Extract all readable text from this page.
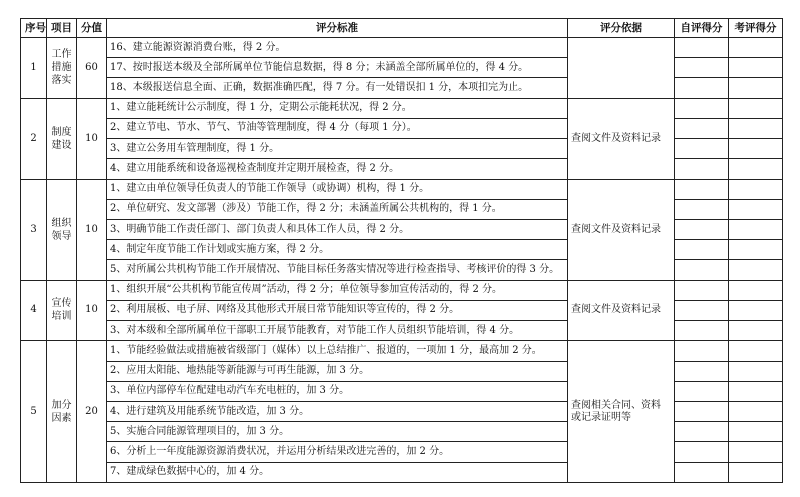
序号	项目	分值	评分标准	评分依据	自评得分	考评得分
1	工作措施落实	60	16、建立能源资源消费台账，得 2 分。			
			17、按时报送本级及全部所属单位节能信息数据，得 8 分；未涵盖全部所属单位的，得 4 分。			
			18、本级报送信息全面、正确，数据准确匹配，得 7 分。有一处错误扣 1 分，本项扣完为止。			
2	制度建设	10	1、建立能耗统计公示制度，得 1 分，定期公示能耗状况，得 2 分。	查阅文件及资料记录		
			2、建立节电、节水、节气、节油等管理制度，得 4 分（每项 1 分）。			
			3、建立公务用车管理制度，得 1 分。			
			4、建立用能系统和设备巡视检查制度并定期开展检查，得 2 分。			
3	组织领导	10	1、建立由单位领导任负责人的节能工作领导（或协调）机构，得 1 分。	查阅文件及资料记录		
			2、单位研究、发文部署（涉及）节能工作，得 2 分；未涵盖所属公共机构的，得 1 分。			
			3、明确节能工作责任部门、部门负责人和具体工作人员，得 2 分。			
			4、制定年度节能工作计划或实施方案，得 2 分。			
			5、对所属公共机构节能工作开展情况、节能目标任务落实情况等进行检查指导、考核评价的得 3 分。			
4	宣传培训	10	1、组织开展“公共机构节能宣传周”活动，得 2 分；单位领导参加宣传活动的，得 2 分。	查阅文件及资料记录		
			2、利用展板、电子屏、网络及其他形式开展日常节能知识等宣传的，得 2 分。			
			3、对本级和全部所属单位干部职工开展节能教育，对节能工作人员组织节能培训，得 4 分。			
5	加分因素	20	1、节能经验做法或措施被省级部门（媒体）以上总结推广、报道的，一项加 1 分，最高加 2 分。	查阅相关合同、资料或记录证明等		
			2、应用太阳能、地热能等新能源与可再生能源，加 3 分。			
			3、单位内部停车位配建电动汽车充电桩的，加 3 分。			
			4、进行建筑及用能系统节能改造，加 3 分。			
			5、实施合同能源管理项目的，加 3 分。			
			6、分析上一年度能源资源消费状况，并运用分析结果改进完善的，加 2 分。			
			7、建成绿色数据中心的，加 4 分。			
